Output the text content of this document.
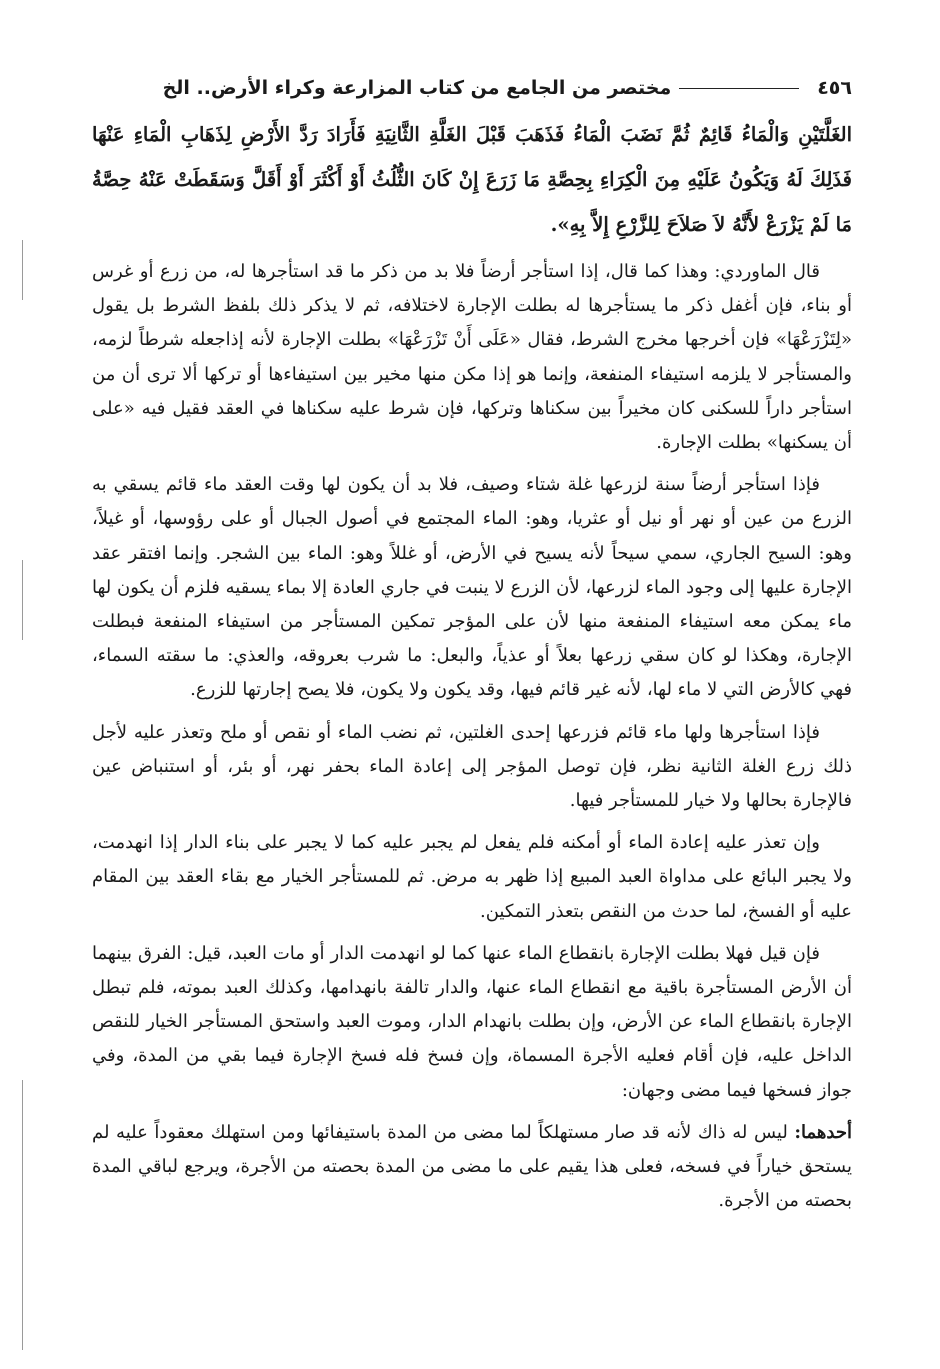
٤٥٦
مختصر من الجامع من كتاب المزارعة وكراء الأرض.. الخ

الغَلَّتَيْنِ وَالْمَاءُ قَائِمٌ ثُمَّ نَضَبَ الْمَاءُ فَذَهَبَ قَبْلَ الغَلَّةِ الثَّانِيَةِ فَأَرَادَ رَدَّ الأَرْضِ لِذَهَابِ الْمَاءِ عَنْهَا فَذَلِكَ لَهُ وَيَكُونُ عَلَيْهِ مِنَ الْكِرَاءِ بِحِصَّةِ مَا زَرَعَ إِنْ كَانَ الثُّلُثُ أَوْ أَكْثَرَ أَوْ أَقَلَّ وَسَقَطَتْ عَنْهُ حِصَّةُ مَا لَمْ يَزْرَعْ لأَنَّهُ لاَ صَلاَحَ لِلزَّرْعِ إِلاَّ بِهِ».

قال الماوردي: وهذا كما قال، إذا استأجر أرضاً فلا بد من ذكر ما قد استأجرها له، من زرع أو غرس أو بناء، فإن أغفل ذكر ما يستأجرها له بطلت الإجارة لاختلافه، ثم لا يذكر ذلك بلفظ الشرط بل يقول «لِتَزْرَعْهَا» فإن أخرجها مخرج الشرط، فقال «عَلَى أَنْ تَزْرَعْهَا» بطلت الإجارة لأنه إذاجعله شرطاً لزمه، والمستأجر لا يلزمه استيفاء المنفعة، وإنما هو إذا مكن منها مخير بين استيفاءها أو تركها ألا ترى أن من استأجر داراً للسكنى كان مخيراً بين سكناها وتركها، فإن شرط عليه سكناها في العقد فقيل فيه «على أن يسكنها» بطلت الإجارة.

فإذا استأجر أرضاً سنة لزرعها غلة شتاء وصيف، فلا بد أن يكون لها وقت العقد ماء قائم يسقي به الزرع من عين أو نهر أو نيل أو عثريا، وهو: الماء المجتمع في أصول الجبال أو على رؤوسها، أو غيلاً، وهو: السيح الجاري، سمي سيحاً لأنه يسيح في الأرض، أو غللاً وهو: الماء بين الشجر. وإنما افتقر عقد الإجارة عليها إلى وجود الماء لزرعها، لأن الزرع لا ينبت في جاري العادة إلا بماء يسقيه فلزم أن يكون لها ماء يمكن معه استيفاء المنفعة منها لأن على المؤجر تمكين المستأجر من استيفاء المنفعة فبطلت الإجارة، وهكذا لو كان سقي زرعها بعلاً أو عذياً، والبعل: ما شرب بعروقه، والعذي: ما سقته السماء، فهي كالأرض التي لا ماء لها، لأنه غير قائم فيها، وقد يكون ولا يكون، فلا يصح إجارتها للزرع.

فإذا استأجرها ولها ماء قائم فزرعها إحدى الغلتين، ثم نضب الماء أو نقص أو ملح وتعذر عليه لأجل ذلك زرع الغلة الثانية نظر، فإن توصل المؤجر إلى إعادة الماء بحفر نهر، أو بئر، أو استنباض عين فالإجارة بحالها ولا خيار للمستأجر فيها.

وإن تعذر عليه إعادة الماء أو أمكنه فلم يفعل لم يجبر عليه كما لا يجبر على بناء الدار إذا انهدمت، ولا يجبر البائع على مداواة العبد المبيع إذا ظهر به مرض. ثم للمستأجر الخيار مع بقاء العقد بين المقام عليه أو الفسخ، لما حدث من النقص بتعذر التمكين.

فإن قيل فهلا بطلت الإجارة بانقطاع الماء عنها كما لو انهدمت الدار أو مات العبد، قيل: الفرق بينهما أن الأرض المستأجرة باقية مع انقطاع الماء عنها، والدار تالفة بانهدامها، وكذلك العبد بموته، فلم تبطل الإجارة بانقطاع الماء عن الأرض، وإن بطلت بانهدام الدار، وموت العبد واستحق المستأجر الخيار للنقص الداخل عليه، فإن أقام فعليه الأجرة المسماة، وإن فسخ فله فسخ الإجارة فيما بقي من المدة، وفي جواز فسخها فيما مضى وجهان:

أحدهما: ليس له ذاك لأنه قد صار مستهلكاً لما مضى من المدة باستيفائها ومن استهلك معقوداً عليه لم يستحق خياراً في فسخه، فعلى هذا يقيم على ما مضى من المدة بحصته من الأجرة، ويرجع لباقي المدة بحصته من الأجرة.
